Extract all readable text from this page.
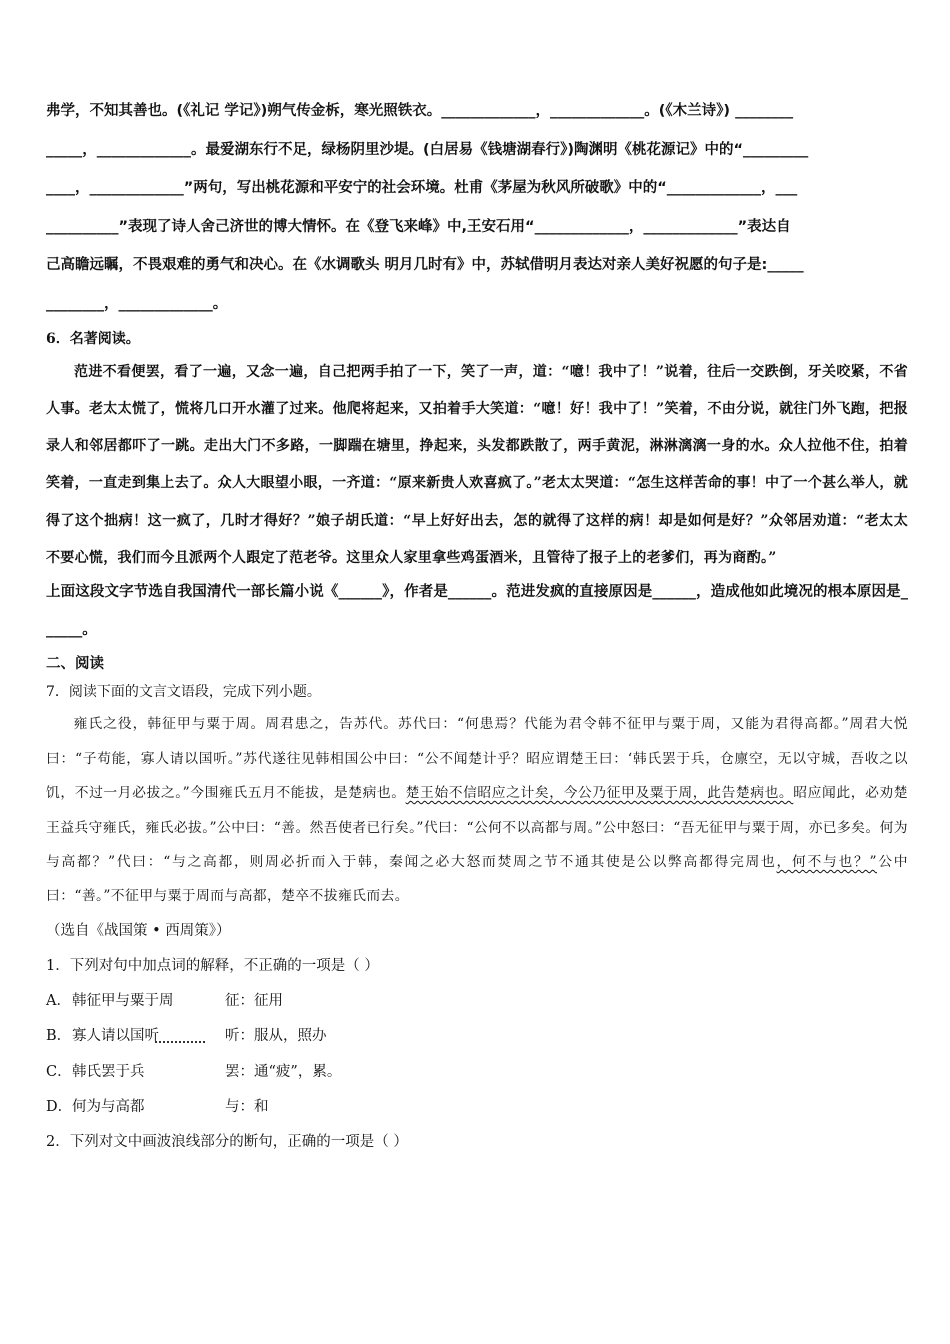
弗学，不知其善也。(《礼记 学记》)朔气传金柝，寒光照铁衣。_____________，_____________。(《木兰诗》) ________

_____，_____________。最爱湖东行不足，绿杨阴里沙堤。(白居易《钱塘湖春行》)陶渊明《桃花源记》中的“_________

____，_____________”两句，写出桃花源和平安宁的社会环境。杜甫《茅屋为秋风所破歌》中的“_____________，___

__________”表现了诗人舍己济世的博大情怀。在《登飞来峰》中,王安石用“_____________，_____________”表达自

己高瞻远瞩，不畏艰难的勇气和决心。在《水调歌头 明月几时有》中，苏轼借明月表达对亲人美好祝愿的句子是:_____

________，_____________。

6．名著阅读。

范进不看便罢，看了一遍，又念一遍，自己把两手拍了一下，笑了一声，道：“噫！我中了！”说着，往后一交跌倒，牙关咬紧，不省人事。老太太慌了，慌将几口开水灌了过来。他爬将起来，又拍着手大笑道：“噫！好！我中了！”笑着，不由分说，就往门外飞跑，把报录人和邻居都吓了一跳。走出大门不多路，一脚踹在塘里，挣起来，头发都跌散了，两手黄泥，淋淋漓漓一身的水。众人拉他不住，拍着笑着，一直走到集上去了。众人大眼望小眼，一齐道：“原来新贵人欢喜疯了。”老太太哭道：“怎生这样苦命的事！中了一个甚么举人，就得了这个拙病！这一疯了，几时才得好？”娘子胡氏道：“早上好好出去，怎的就得了这样的病！却是如何是好？”众邻居劝道：“老太太不要心慌，我们而今且派两个人跟定了范老爷。这里众人家里拿些鸡蛋酒米，且管待了报子上的老爹们，再为商酌。”

上面这段文字节选自我国清代一部长篇小说《______》，作者是______。范进发疯的直接原因是______，造成他如此境况的根本原因是______。

二、阅读

7．阅读下面的文言文语段，完成下列小题。

雍氏之役，韩征甲与粟于周。周君患之，告苏代。苏代曰：“何患焉？代能为君令韩不征甲与粟于周，又能为君得高都。”周君大悦曰：“子苟能，寡人请以国听。”苏代遂往见韩相国公中曰：“公不闻楚计乎？昭应谓楚王曰：‘韩氏罢于兵，仓廪空，无以守城，吾收之以饥，不过一月必拔之。”今围雍氏五月不能拔，是楚病也。楚王始不信昭应之计矣，今公乃征甲及粟于周，此告楚病也。昭应闻此，必劝楚王益兵守雍氏，雍氏必拔。”公中曰：“善。然吾使者已行矣。”代曰：“公何不以高都与周。”公中怒曰：“吾无征甲与粟于周，亦已多矣。何为与高都？”代曰：“与之高都，则周必折而入于韩，秦闻之必大怒而焚周之节不通其使是公以弊高都得完周也，何不与也？”公中曰：“善。”不征甲与粟于周而与高都，楚卒不拔雍氏而去。

（选自《战国策 • 西周策》）

1．下列对句中加点词的解释，不正确的一项是（ ）

A．韩征甲与粟于周	征：征用

B．寡人请以国听	听：服从，照办

C．韩氏罢于兵	罢：通“疲”，累。

D．何为与高都	与：和

2．下列对文中画波浪线部分的断句，正确的一项是（ ）
